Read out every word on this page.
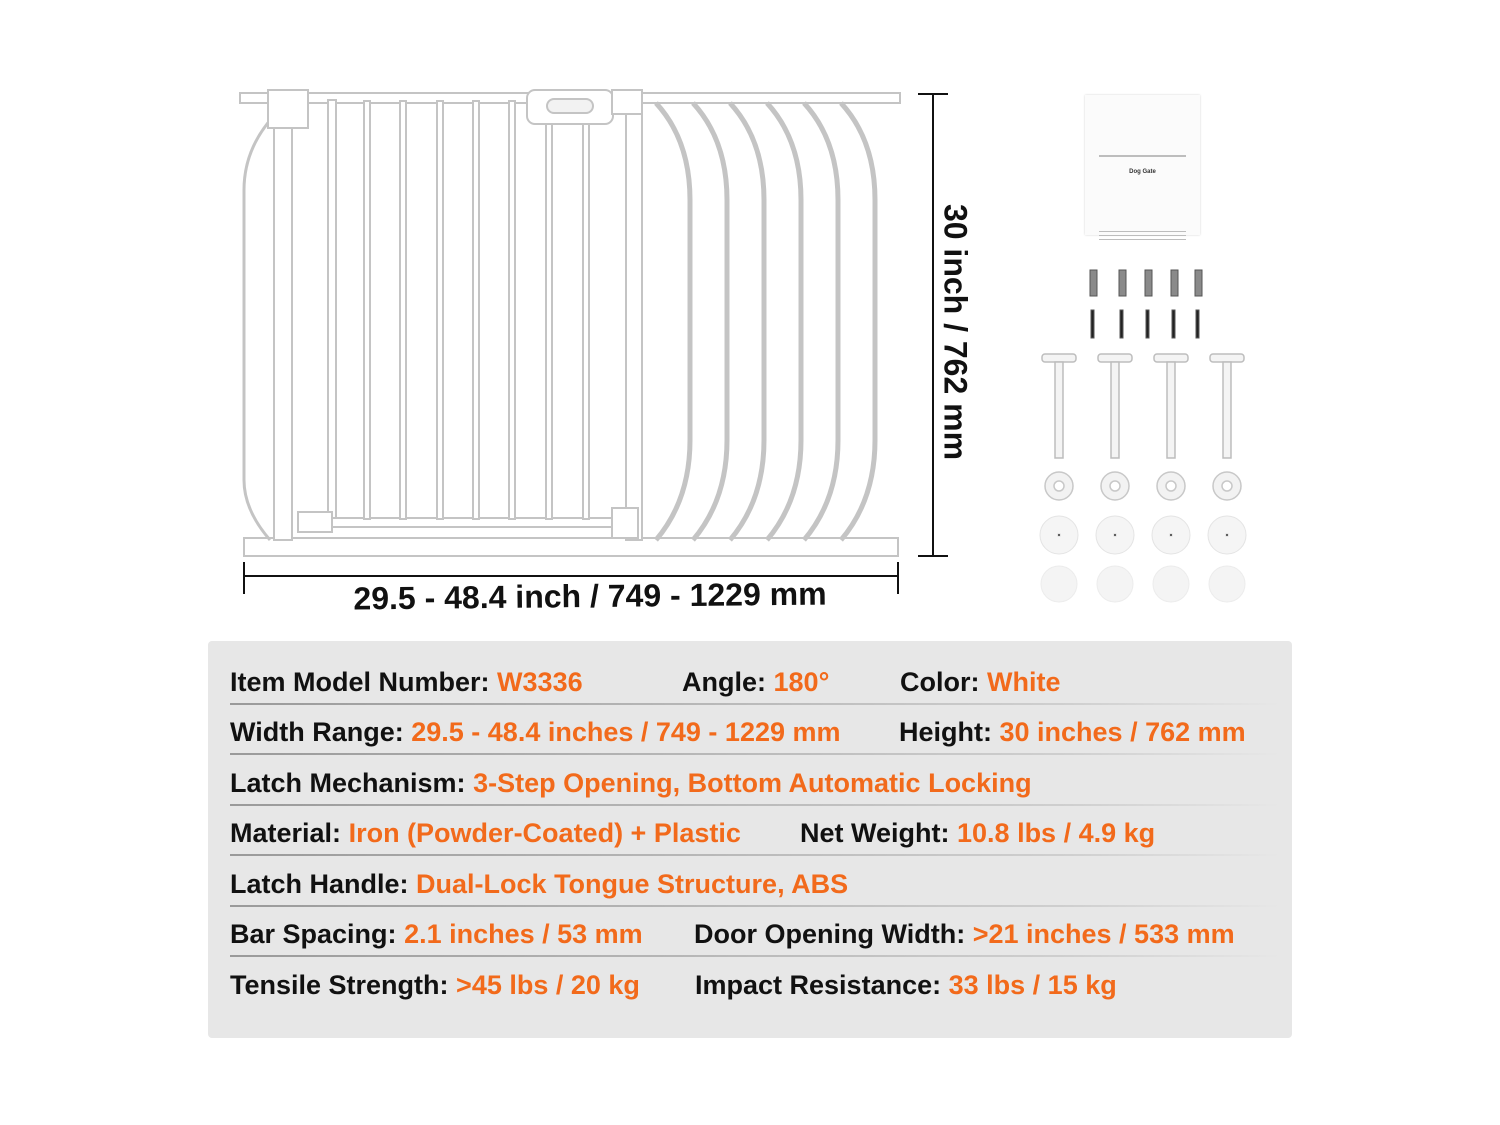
Dog Gate
29.5 - 48.4 inch / 749 - 1229 mm
30 inch / 762 mm
Item Model Number: W3336	Angle: 180°	Color: White
Width Range: 29.5 - 48.4 inches / 749 - 1229 mm Height: 30 inches / 762 mm
Latch Mechanism: 3-Step Opening, Bottom Automatic Locking
Material: Iron (Powder-Coated) + Plastic Net Weight: 10.8 lbs / 4.9 kg
Latch Handle: Dual-Lock Tongue Structure, ABS
Bar Spacing: 2.1 inches / 53 mm Door Opening Width: >21 inches / 533 mm
Tensile Strength: >45 lbs / 20 kg Impact Resistance: 33 lbs / 15 kg
